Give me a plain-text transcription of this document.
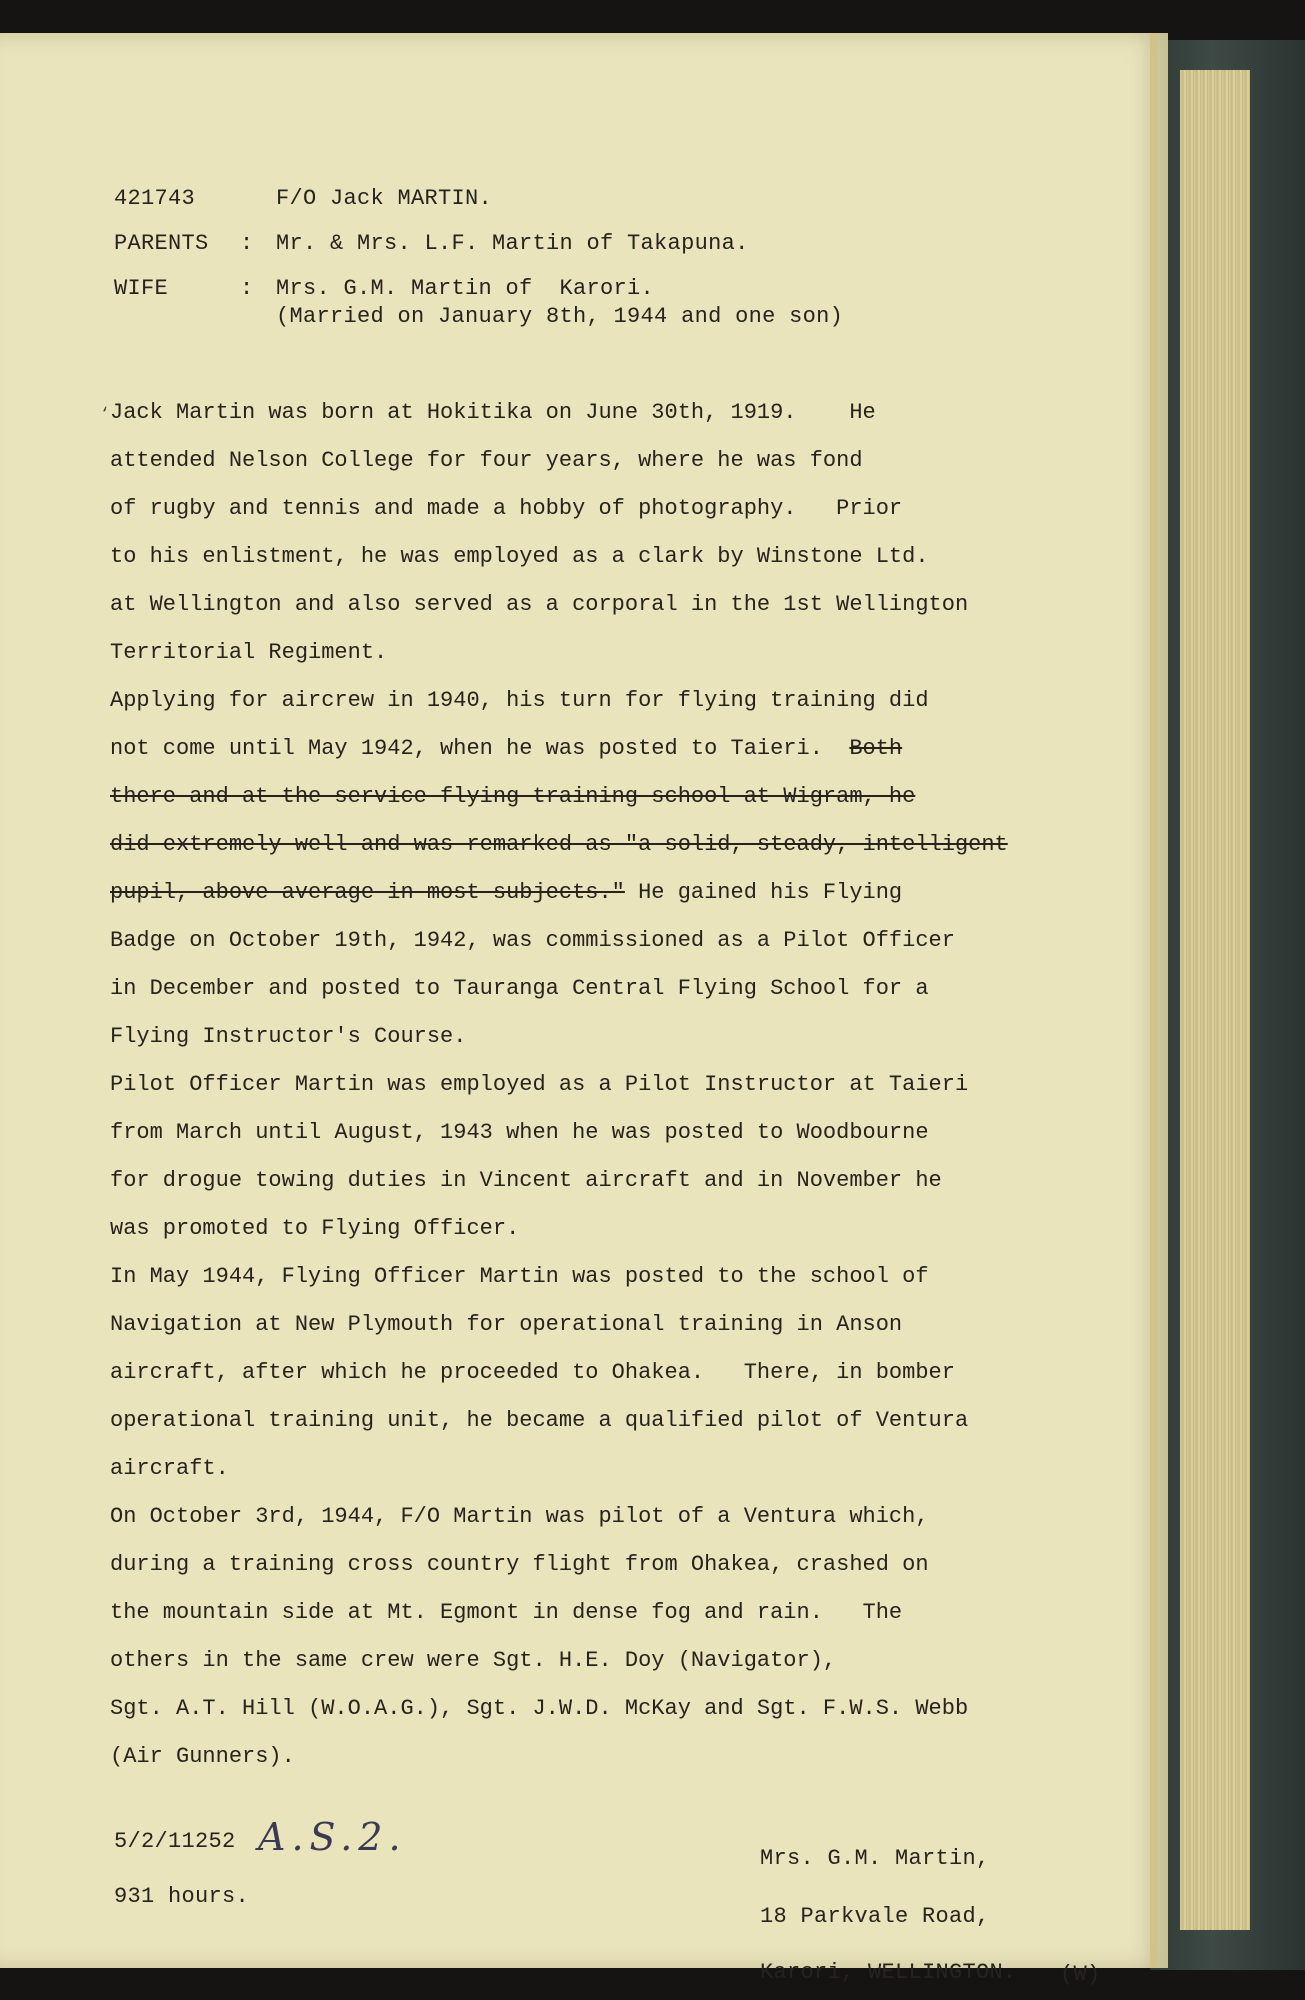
421743	F/O Jack MARTIN.
PARENTS : Mr. & Mrs. L.F. Martin of Takapuna.
WIFE	: Mrs. G.M. Martin of  Karori.
(Married on January 8th, 1944 and one son)
Jack Martin was born at Hokitika on June 30th, 1919.    He
attended Nelson College for four years, where he was fond
of rugby and tennis and made a hobby of photography.   Prior
to his enlistment, he was employed as a clark by Winstone Ltd.
at Wellington and also served as a corporal in the 1st Wellington
Territorial Regiment.
Applying for aircrew in 1940, his turn for flying training did
not come until May 1942, when he was posted to Taieri.  Both
there and at the service flying training school at Wigram, he
did extremely well and was remarked as "a solid, steady, intelligent
pupil, above average in most subjects." He gained his Flying
Badge on October 19th, 1942, was commissioned as a Pilot Officer
in December and posted to Tauranga Central Flying School for a
Flying Instructor's Course.
Pilot Officer Martin was employed as a Pilot Instructor at Taieri
from March until August, 1943 when he was posted to Woodbourne
for drogue towing duties in Vincent aircraft and in November he
was promoted to Flying Officer.
In May 1944, Flying Officer Martin was posted to the school of
Navigation at New Plymouth for operational training in Anson
aircraft, after which he proceeded to Ohakea.   There, in bomber
operational training unit, he became a qualified pilot of Ventura
aircraft.
On October 3rd, 1944, F/O Martin was pilot of a Ventura which,
during a training cross country flight from Ohakea, crashed on
the mountain side at Mt. Egmont in dense fog and rain.   The
others in the same crew were Sgt. H.E. Doy (Navigator),
Sgt. A.T. Hill (W.O.A.G.), Sgt. J.W.D. McKay and Sgt. F.W.S. Webb
(Air Gunners).
5/2/11252 A.S.2.
931 hours.
Mrs. G.M. Martin,
18 Parkvale Road,
Karori, WELLINGTON. (W)
‘
